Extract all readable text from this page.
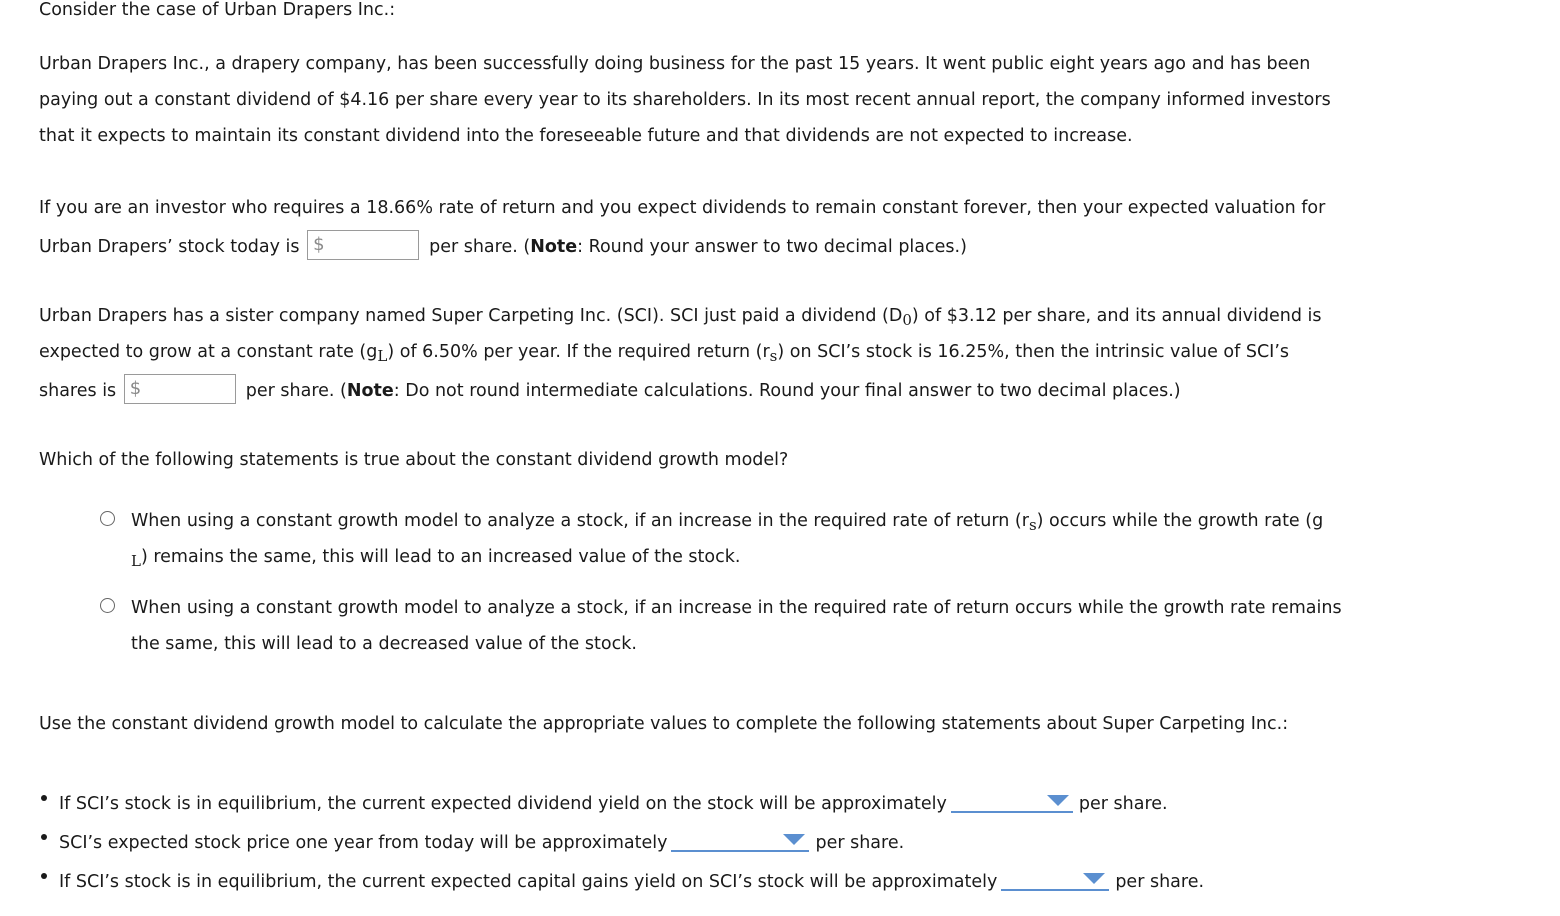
Consider the case of Urban Drapers Inc.:
Urban Drapers Inc., a drapery company, has been successfully doing business for the past 15 years. It went public eight years ago and has been
paying out a constant dividend of $4.16 per share every year to its shareholders. In its most recent annual report, the company informed investors
that it expects to maintain its constant dividend into the foreseeable future and that dividends are not expected to increase.
If you are an investor who requires a 18.66% rate of return and you expect dividends to remain constant forever, then your expected valuation for
Urban Drapers’ stock today is $	per share. (Note: Round your answer to two decimal places.)
Urban Drapers has a sister company named Super Carpeting Inc. (SCI). SCI just paid a dividend $(D_0)$ of $3.12 per share, and its annual dividend is
expected to grow at a constant rate $(g_L)$ of 6.50% per year. If the required return $(r_s)$ on SCI’s stock is 16.25%, then the intrinsic value of SCI’s
shares is $	per share. (Note: Do not round intermediate calculations. Round your final answer to two decimal places.)
Which of the following statements is true about the constant dividend growth model?
When using a constant growth model to analyze a stock, if an increase in the required rate of return $(r_s)$ occurs while the growth rate (g
$_L$) remains the same, this will lead to an increased value of the stock.
When using a constant growth model to analyze a stock, if an increase in the required rate of return occurs while the growth rate remains
the same, this will lead to a decreased value of the stock.
Use the constant dividend growth model to calculate the appropriate values to complete the following statements about Super Carpeting Inc.:
If SCI’s stock is in equilibrium, the current expected dividend yield on the stock will be approximately	per share.
SCI’s expected stock price one year from today will be approximately	per share.
If SCI’s stock is in equilibrium, the current expected capital gains yield on SCI’s stock will be approximately	per share.
